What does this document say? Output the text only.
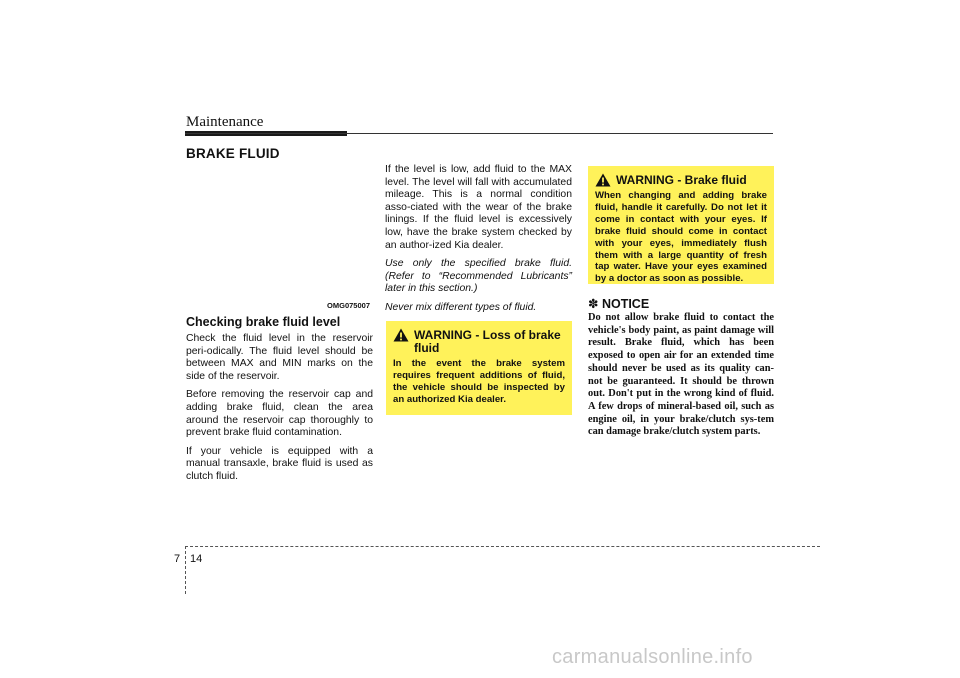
Maintenance
BRAKE FLUID
OMG075007
Checking brake fluid level

Check the fluid level in the reservoir peri-odically. The fluid level should be between MAX and MIN marks on the side of the reservoir.

Before removing the reservoir cap and adding brake fluid, clean the area around the reservoir cap thoroughly to prevent brake fluid contamination.

If your vehicle is equipped with a manual transaxle, brake fluid is used as clutch fluid.

If the level is low, add fluid to the MAX level. The level will fall with accumulated mileage. This is a normal condition asso-ciated with the wear of the brake linings. If the fluid level is excessively low, have the brake system checked by an author-ized Kia dealer.

Use only the specified brake fluid. (Refer to “Recommended Lubricants” later in this section.)

Never mix different types of fluid.

WARNING - Loss of brake fluid
In the event the brake system requires frequent additions of fluid, the vehicle should be inspected by an authorized Kia dealer.
WARNING - Brake fluid
When changing and adding brake fluid, handle it carefully. Do not let it come in contact with your eyes. If brake fluid should come in contact with your eyes, immediately flush them with a large quantity of fresh tap water. Have your eyes examined by a doctor as soon as possible.
✽ NOTICE
Do not allow brake fluid to contact the vehicle's body paint, as paint damage will result. Brake fluid, which has been exposed to open air for an extended time should never be used as its quality can-not be guaranteed. It should be thrown out. Don't put in the wrong kind of fluid. A few drops of mineral-based oil, such as engine oil, in your brake/clutch sys-tem can damage brake/clutch system parts.
7 14
carmanualsonline.info
